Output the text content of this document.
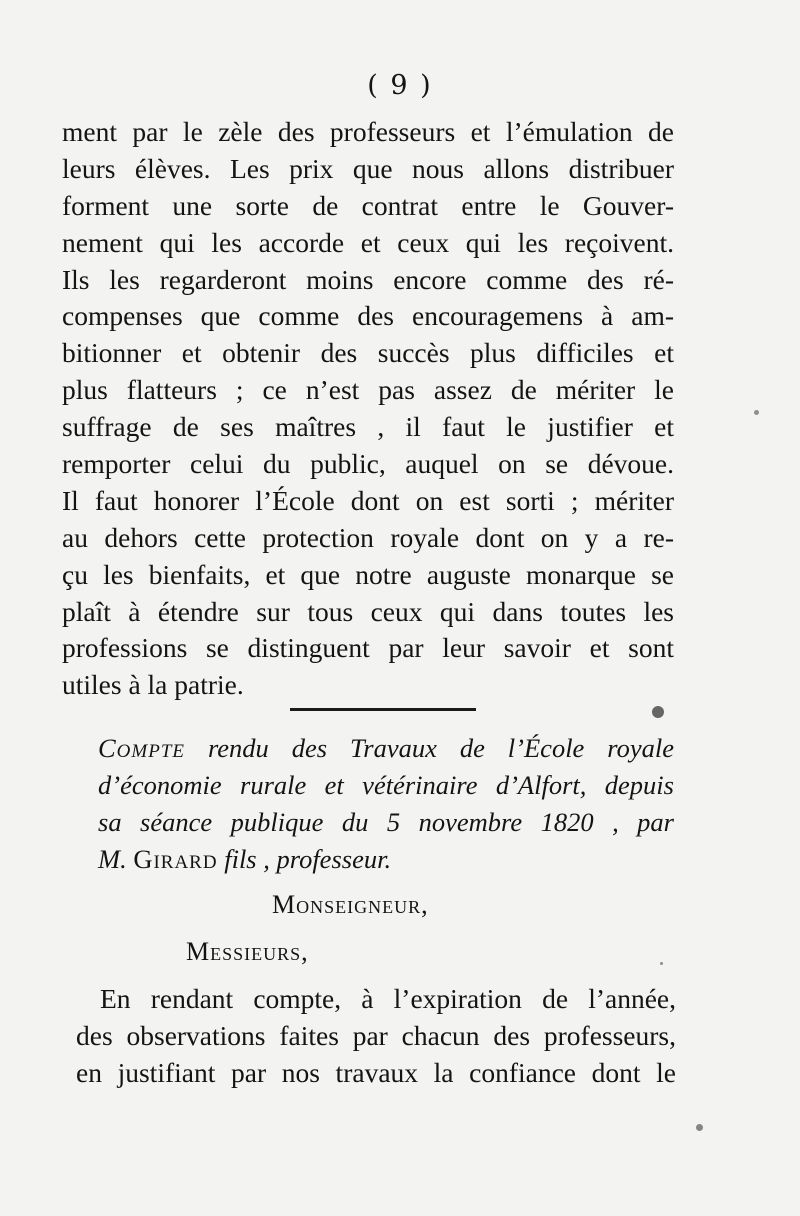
( 9 )
ment par le zèle des professeurs et l’émulation de
leurs élèves. Les prix que nous allons distribuer
forment une sorte de contrat entre le Gouver-
nement qui les accorde et ceux qui les reçoivent.
Ils les regarderont moins encore comme des ré-
compenses que comme des encouragemens à am-
bitionner et obtenir des succès plus difficiles et
plus flatteurs ; ce n’est pas assez de mériter le
suffrage de ses maîtres , il faut le justifier et
remporter celui du public, auquel on se dévoue.
Il faut honorer l’École dont on est sorti ; mériter
au dehors cette protection royale dont on y a re-
çu les bienfaits, et que notre auguste monarque se
plaît à étendre sur tous ceux qui dans toutes les
professions se distinguent par leur savoir et sont
utiles à la patrie.
Compte rendu des Travaux de l’École royale
d’économie rurale et vétérinaire d’Alfort, depuis
sa séance publique du 5 novembre 1820 , par
M. Girard fils , professeur.
Monseigneur,
Messieurs,
En rendant compte, à l’expiration de l’année,
des observations faites par chacun des professeurs,
en justifiant par nos travaux la confiance dont le
